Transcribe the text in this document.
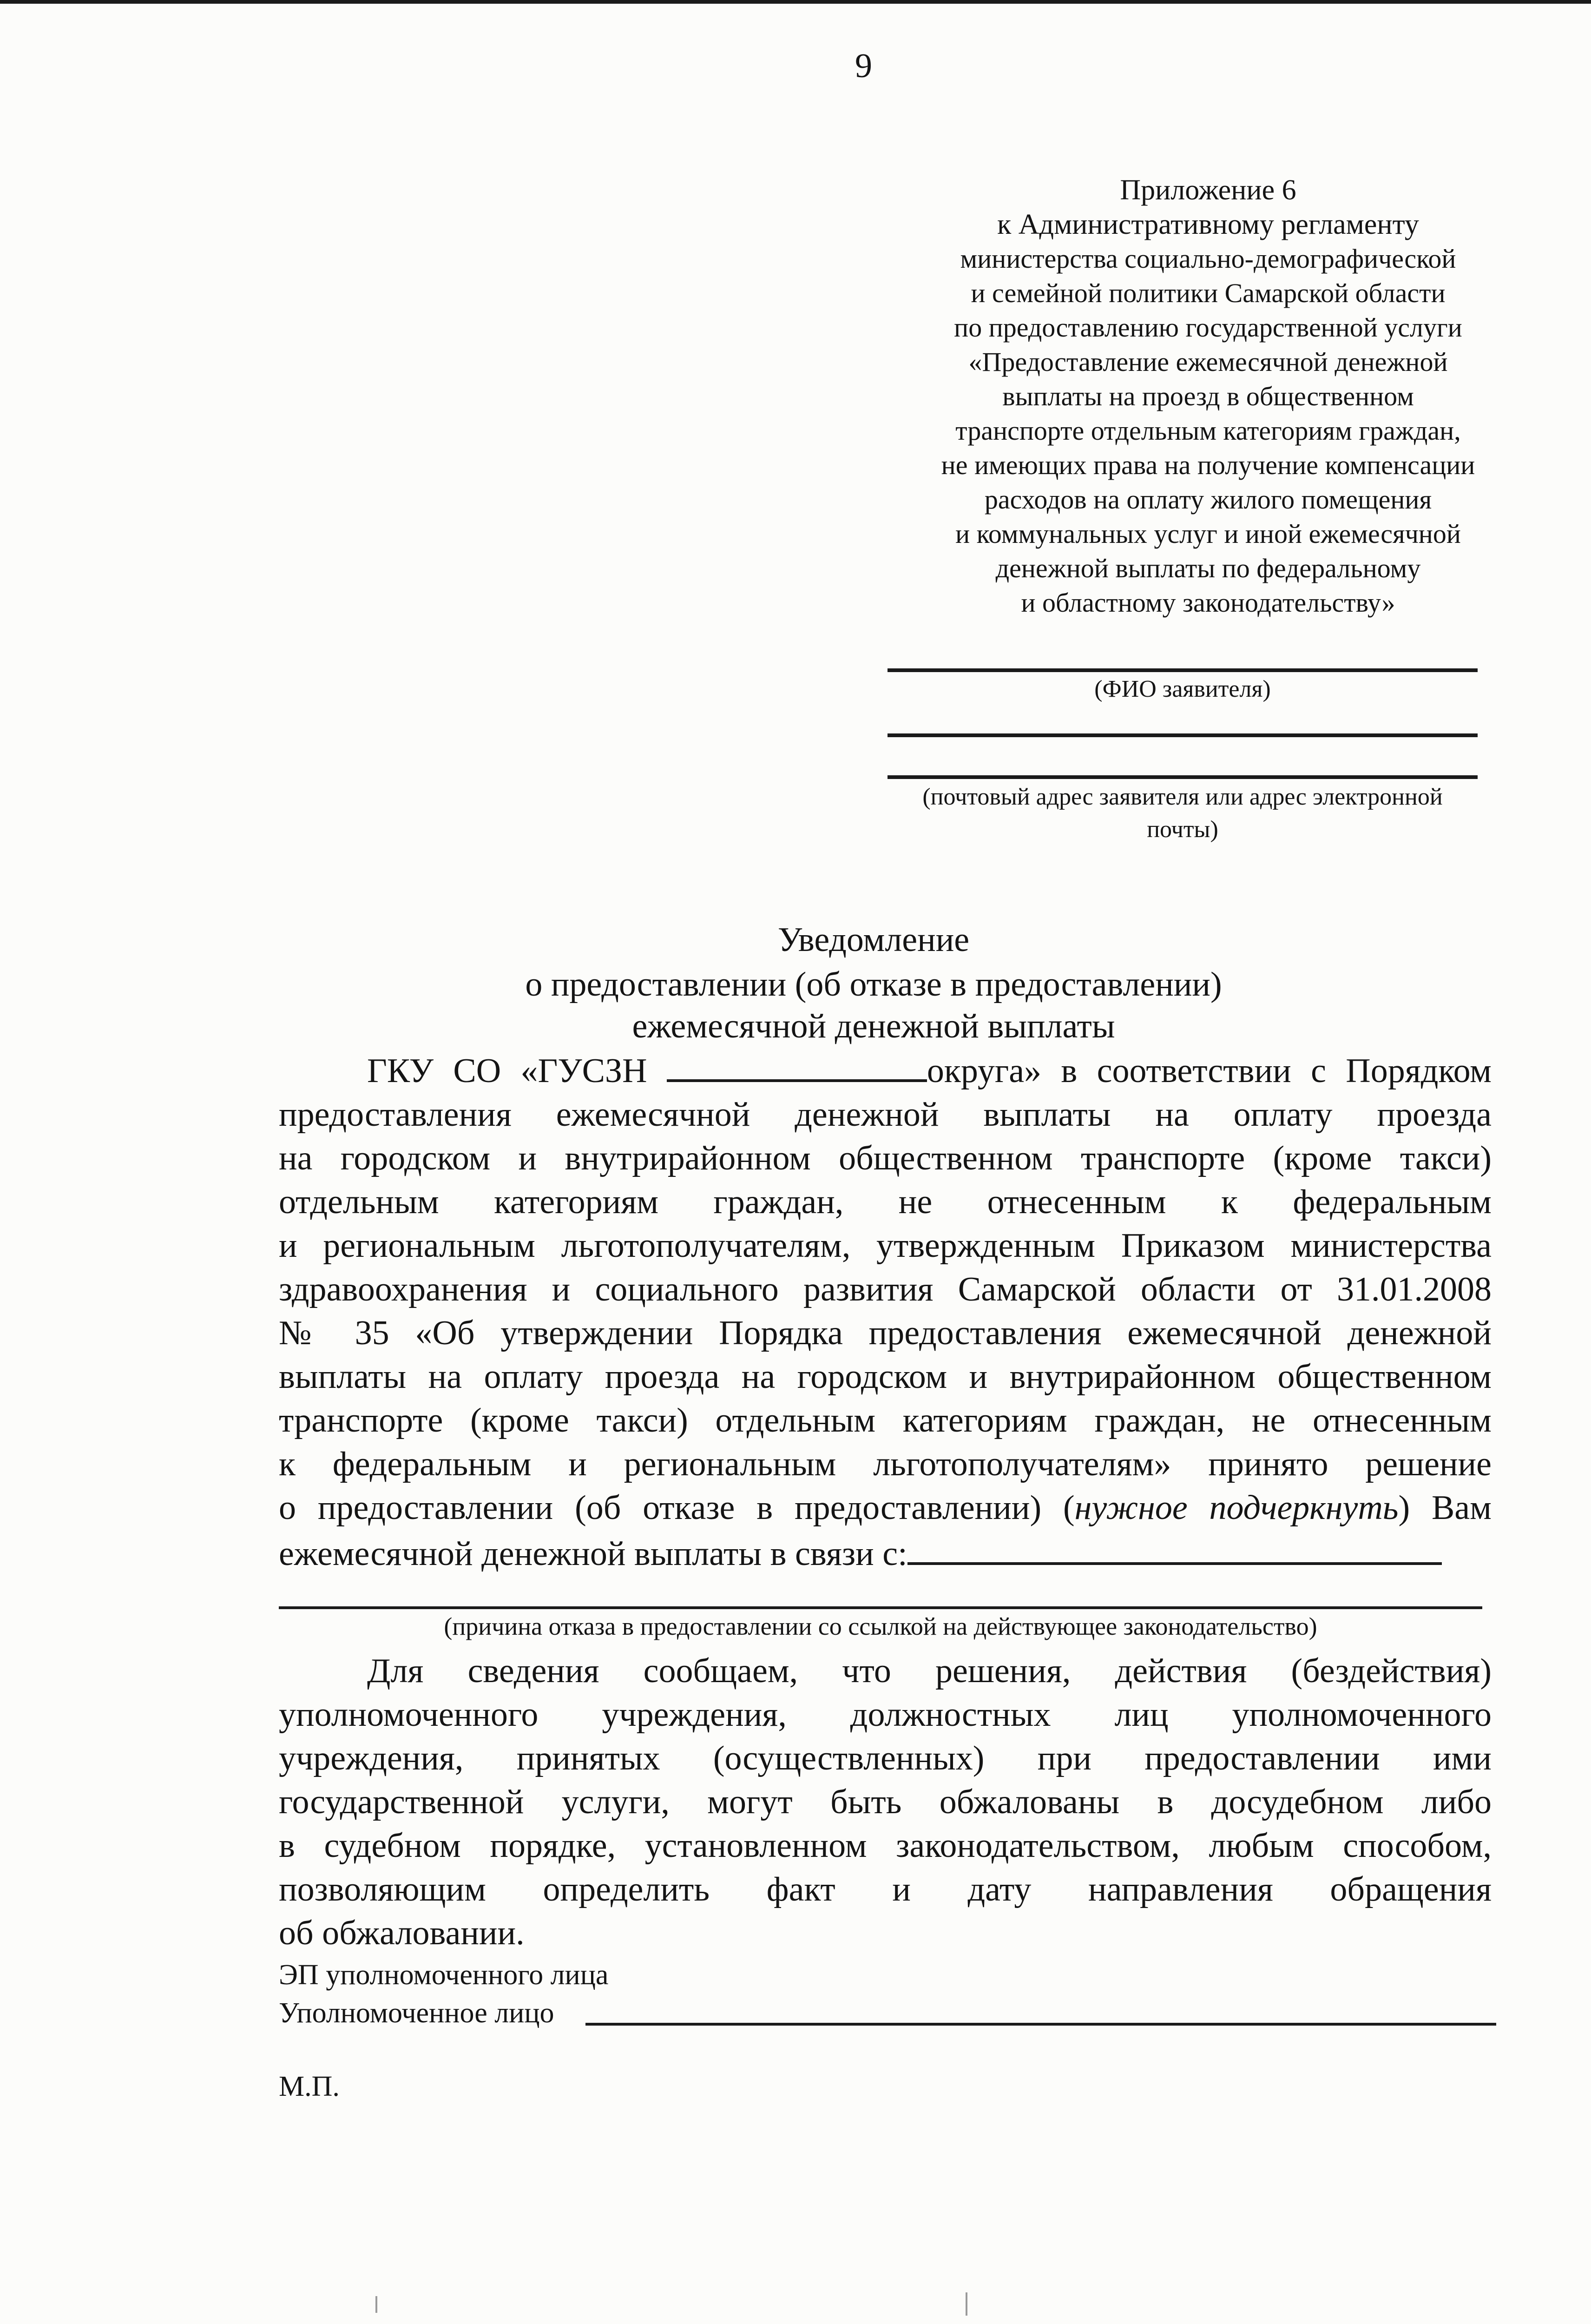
9
Приложение 6
к Административному регламенту
министерства социально-демографической
и семейной политики Самарской области
по предоставлению государственной услуги
«Предоставление ежемесячной денежной
выплаты на проезд в общественном
транспорте отдельным категориям граждан,
не имеющих права на получение компенсации
расходов на оплату жилого помещения
и коммунальных услуг и иной ежемесячной
денежной выплаты по федеральному
и областному законодательству»
(ФИО заявителя)
(почтовый адрес заявителя или адрес электронной
почты)
Уведомление
о предоставлении (об отказе в предоставлении)
ежемесячной денежной выплаты
ГКУ СО «ГУСЗН	округа» в соответствии с Порядком
предоставления ежемесячной денежной выплаты на оплату проезда
на городском и внутрирайонном общественном транспорте (кроме такси)
отдельным категориям граждан, не отнесенным к федеральным
и региональным льготополучателям, утвержденным Приказом министерства
здравоохранения и социального развития Самарской области от 31.01.2008
№ 35 «Об утверждении Порядка предоставления ежемесячной денежной
выплаты на оплату проезда на городском и внутрирайонном общественном
транспорте (кроме такси) отдельным категориям граждан, не отнесенным
к федеральным и региональным льготополучателям» принято решение
о предоставлении (об отказе в предоставлении) (нужное подчеркнуть) Вам
ежемесячной денежной выплаты в связи с:
(причина отказа в предоставлении со ссылкой на действующее законодательство)
Для сведения сообщаем, что решения, действия (бездействия)
уполномоченного учреждения, должностных лиц уполномоченного
учреждения, принятых (осуществленных) при предоставлении ими
государственной услуги, могут быть обжалованы в досудебном либо
в судебном порядке, установленном законодательством, любым способом,
позволяющим определить факт и дату направления обращения
об обжаловании.
ЭП уполномоченного лица
Уполномоченное лицо
М.П.
